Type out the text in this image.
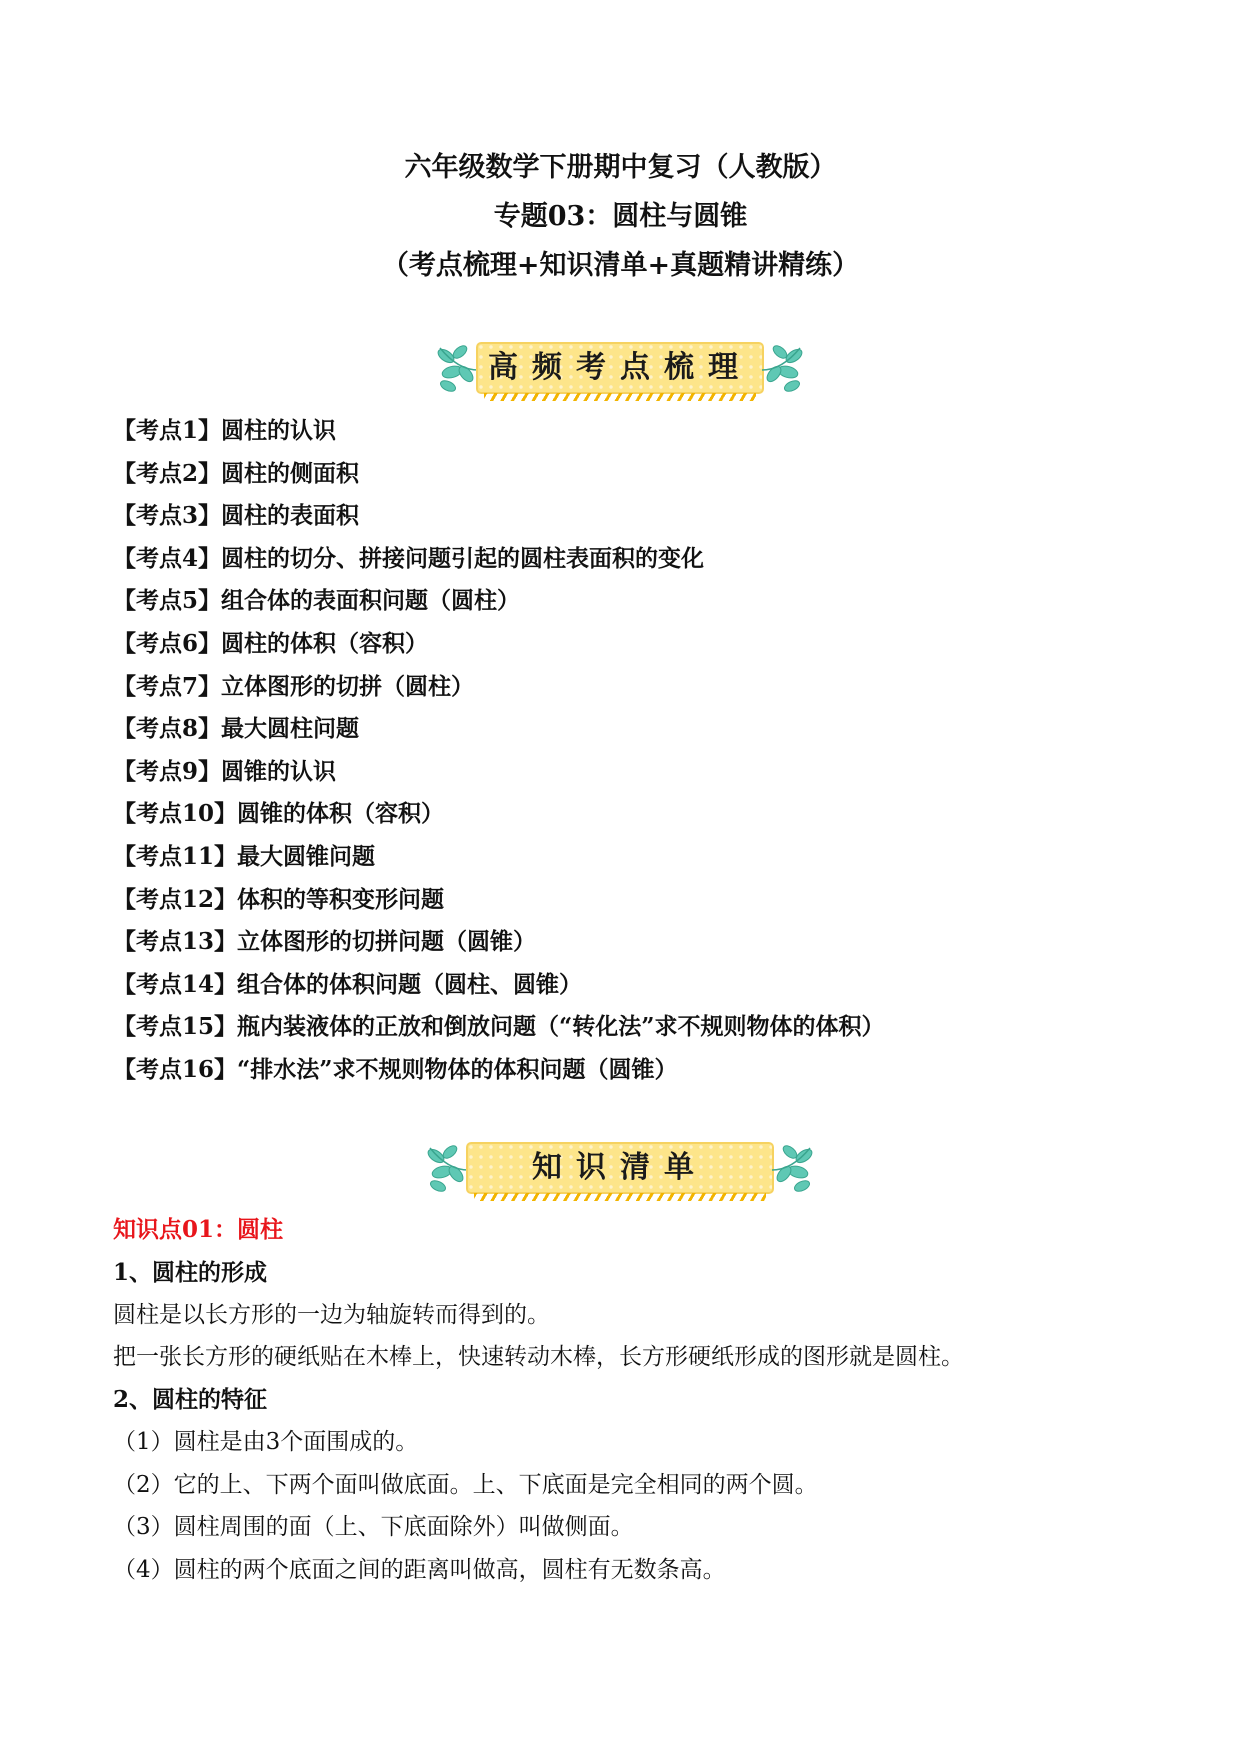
六年级数学下册期中复习（人教版）
专题03：圆柱与圆锥
（考点梳理+知识清单+真题精讲精练）
高频考点梳理
【考点1】圆柱的认识
【考点2】圆柱的侧面积
【考点3】圆柱的表面积
【考点4】圆柱的切分、拼接问题引起的圆柱表面积的变化
【考点5】组合体的表面积问题（圆柱）
【考点6】圆柱的体积（容积）
【考点7】立体图形的切拼（圆柱）
【考点8】最大圆柱问题
【考点9】圆锥的认识
【考点10】圆锥的体积（容积）
【考点11】最大圆锥问题
【考点12】体积的等积变形问题
【考点13】立体图形的切拼问题（圆锥）
【考点14】组合体的体积问题（圆柱、圆锥）
【考点15】瓶内装液体的正放和倒放问题（“转化法”求不规则物体的体积）
【考点16】“排水法”求不规则物体的体积问题（圆锥）
知识清单
知识点01：圆柱
1、圆柱的形成
圆柱是以长方形的一边为轴旋转而得到的。
把一张长方形的硬纸贴在木棒上，快速转动木棒，长方形硬纸形成的图形就是圆柱。
2、圆柱的特征
（1）圆柱是由3个面围成的。
（2）它的上、下两个面叫做底面。上、下底面是完全相同的两个圆。
（3）圆柱周围的面（上、下底面除外）叫做侧面。
（4）圆柱的两个底面之间的距离叫做高，圆柱有无数条高。
